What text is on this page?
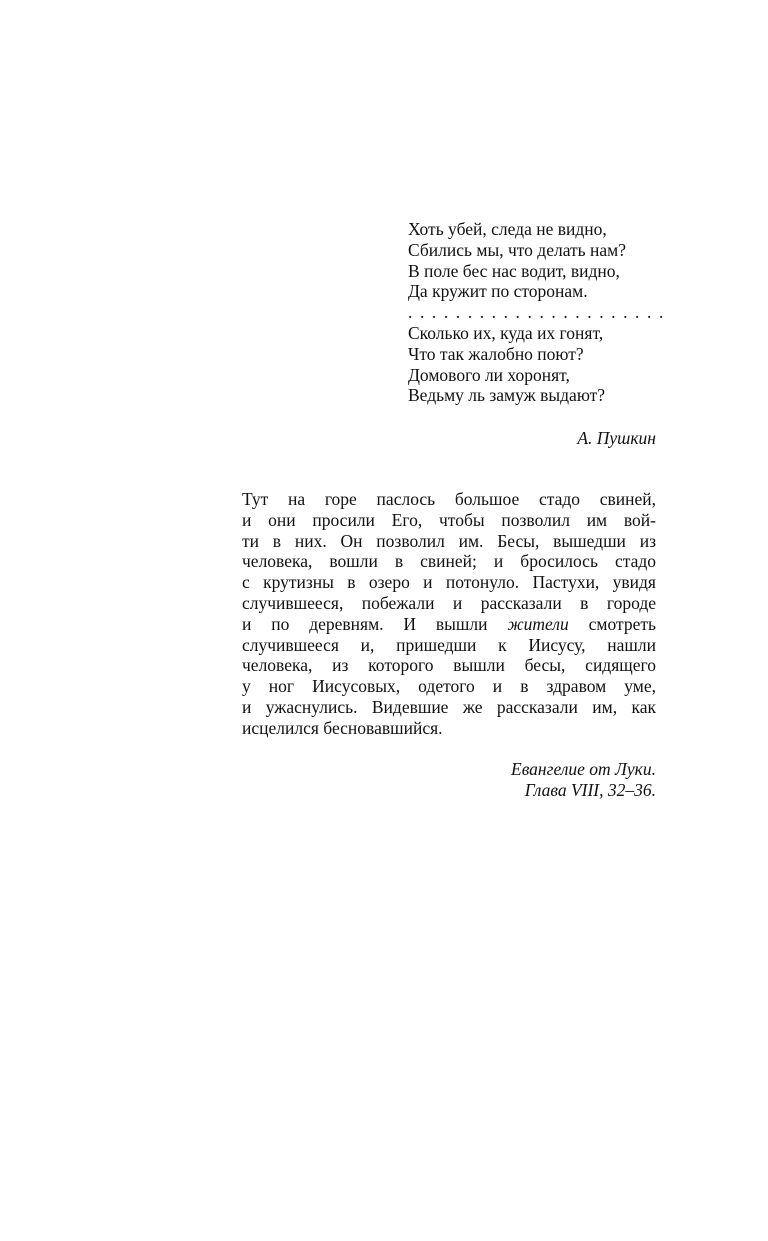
Хоть убей, следа не видно,
Сбились мы, что делать нам?
В поле бес нас водит, видно,
Да кружит по сторонам.
. . . . . . . . . . . . . . . . . . . . . .
Сколько их, куда их гонят,
Что так жалобно поют?
Домового ли хоронят,
Ведьму ль замуж выдают?
А. Пушкин
Тут на горе паслось большое стадо свиней,
и они просили Его, чтобы позволил им вой-
ти в них. Он позволил им. Бесы, вышедши из
человека, вошли в свиней; и бросилось стадо
с крутизны в озеро и потонуло. Пастухи, увидя
случившееся, побежали и рассказали в городе
и по деревням. И вышли жители смотреть
случившееся и, пришедши к Иисусу, нашли
человека, из которого вышли бесы, сидящего
у ног Иисусовых, одетого и в здравом уме,
и ужаснулись. Видевшие же рассказали им, как
исцелился бесновавшийся.
Евангелие от Луки.
Глава VIII, 32–36.
